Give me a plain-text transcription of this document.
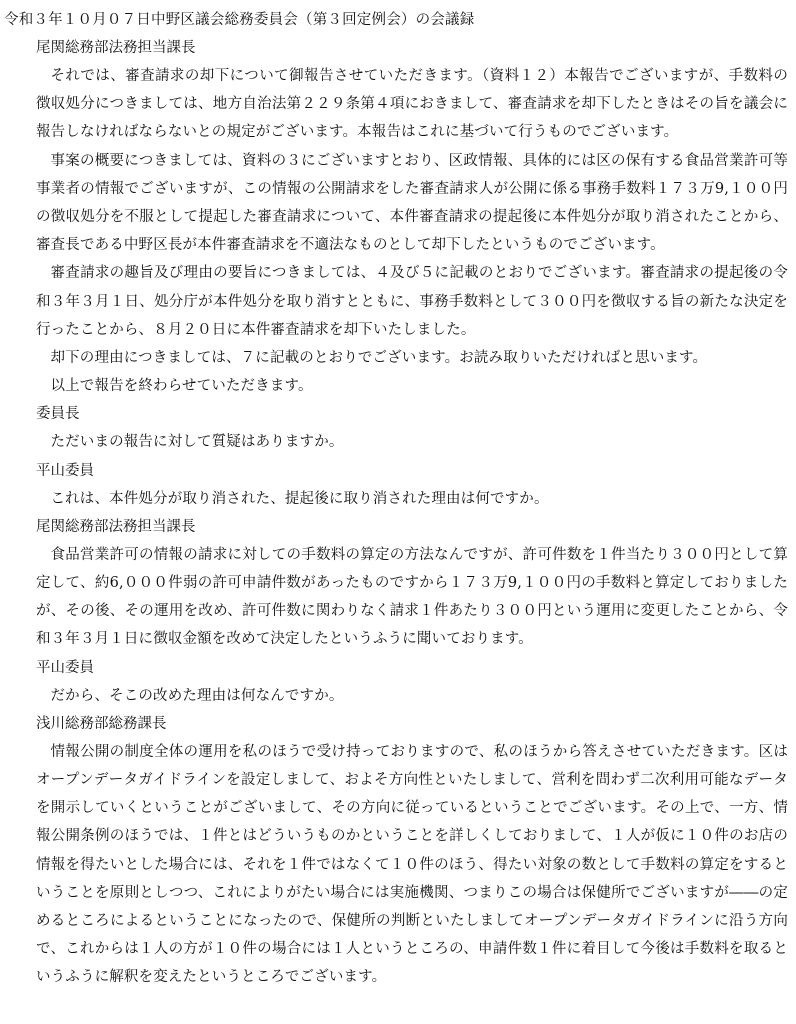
令和３年１０月０７日中野区議会総務委員会（第３回定例会）の会議録

尾関総務部法務担当課長

それでは、審査請求の却下について御報告させていただきます。（資料１２）本報告でございますが、手数料の徴収処分につきましては、地方自治法第２２９条第４項におきまして、審査請求を却下したときはその旨を議会に報告しなければならないとの規定がございます。本報告はこれに基づいて行うものでございます。

事案の概要につきましては、資料の３にございますとおり、区政情報、具体的には区の保有する食品営業許可等事業者の情報でございますが、この情報の公開請求をした審査請求人が公開に係る事務手数料１７３万9,１００円の徴収処分を不服として提起した審査請求について、本件審査請求の提起後に本件処分が取り消されたことから、審査長である中野区長が本件審査請求を不適法なものとして却下したというものでございます。

審査請求の趣旨及び理由の要旨につきましては、４及び５に記載のとおりでございます。審査請求の提起後の令和３年３月１日、処分庁が本件処分を取り消すとともに、事務手数料として３００円を徴収する旨の新たな決定を行ったことから、８月２０日に本件審査請求を却下いたしました。

却下の理由につきましては、７に記載のとおりでございます。お読み取りいただければと思います。

以上で報告を終わらせていただきます。

委員長

ただいまの報告に対して質疑はありますか。

平山委員

これは、本件処分が取り消された、提起後に取り消された理由は何ですか。

尾関総務部法務担当課長

食品営業許可の情報の請求に対しての手数料の算定の方法なんですが、許可件数を１件当たり３００円として算定して、約6,０００件弱の許可申請件数があったものですから１７３万9,１００円の手数料と算定しておりましたが、その後、その運用を改め、許可件数に関わりなく請求１件あたり３００円という運用に変更したことから、令和３年３月１日に徴収金額を改めて決定したというふうに聞いております。

平山委員

だから、そこの改めた理由は何なんですか。

浅川総務部総務課長

情報公開の制度全体の運用を私のほうで受け持っておりますので、私のほうから答えさせていただきます。区はオープンデータガイドラインを設定しまして、およそ方向性といたしまして、営利を問わず二次利用可能なデータを開示していくということがございまして、その方向に従っているということでございます。その上で、一方、情報公開条例のほうでは、１件とはどういうものかということを詳しくしておりまして、１人が仮に１０件のお店の情報を得たいとした場合には、それを１件ではなくて１０件のほう、得たい対象の数として手数料の算定をするということを原則としつつ、これによりがたい場合には実施機関、つまりこの場合は保健所でございますが――の定めるところによるということになったので、保健所の判断といたしましてオープンデータガイドラインに沿う方向で、これからは１人の方が１０件の場合には１人というところの、申請件数１件に着目して今後は手数料を取るというふうに解釈を変えたというところでございます。
